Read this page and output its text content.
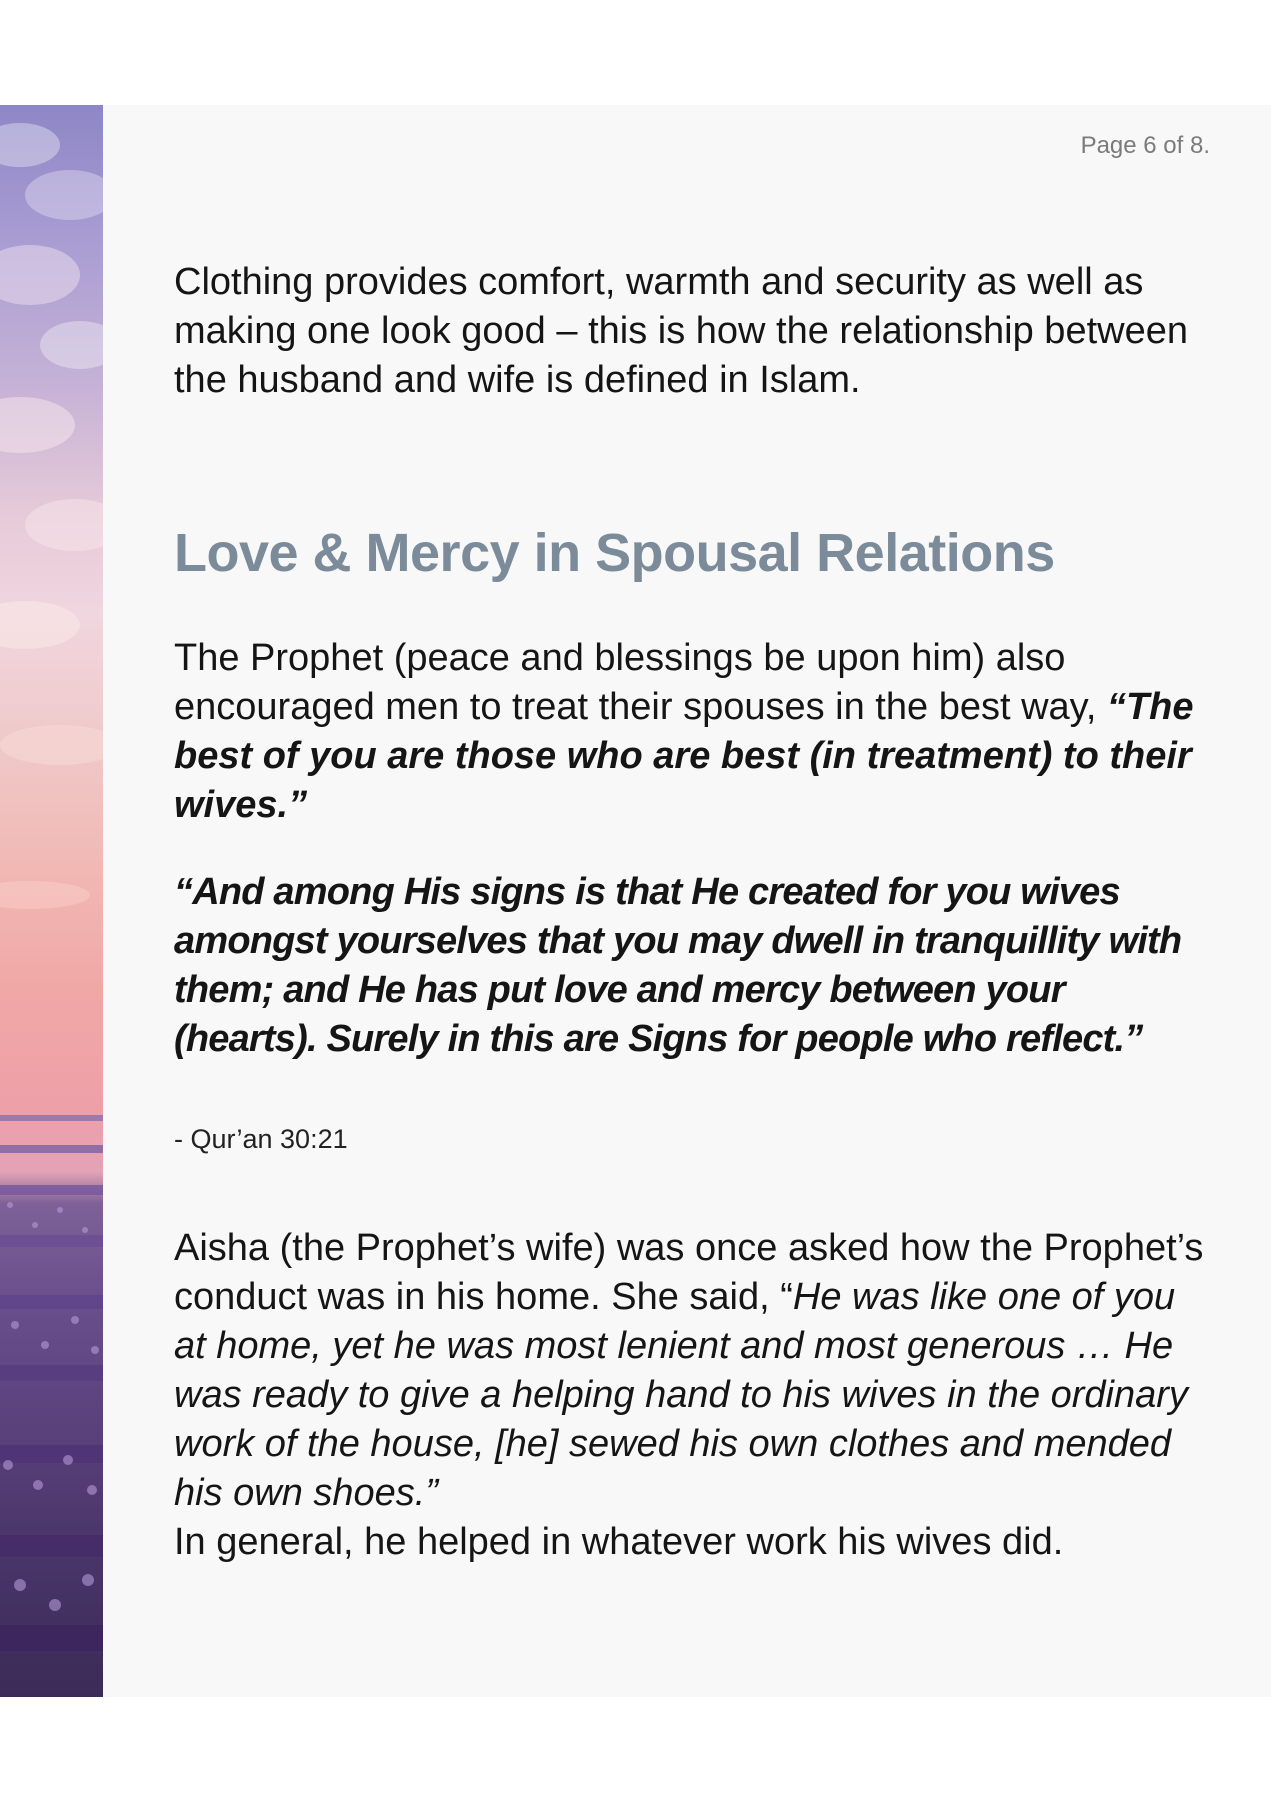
Page 6 of 8.

Clothing provides comfort, warmth and security as well as making one look good – this is how the relationship between the husband and wife is defined in Islam.

Love & Mercy in Spousal Relations

The Prophet (peace and blessings be upon him) also encouraged men to treat their spouses in the best way, “The best of you are those who are best (in treatment) to their wives.”

“And among His signs is that He created for you wives amongst yourselves that you may dwell in tranquillity with them; and He has put love and mercy between your (hearts). Surely in this are Signs for people who reflect.”

- Qur’an 30:21

Aisha (the Prophet’s wife) was once asked how the Prophet’s conduct was in his home. She said, “He was like one of you at home, yet he was most lenient and most generous … He was ready to give a helping hand to his wives in the ordinary work of the house, [he] sewed his own clothes and mended his own shoes.”
In general, he helped in whatever work his wives did.
